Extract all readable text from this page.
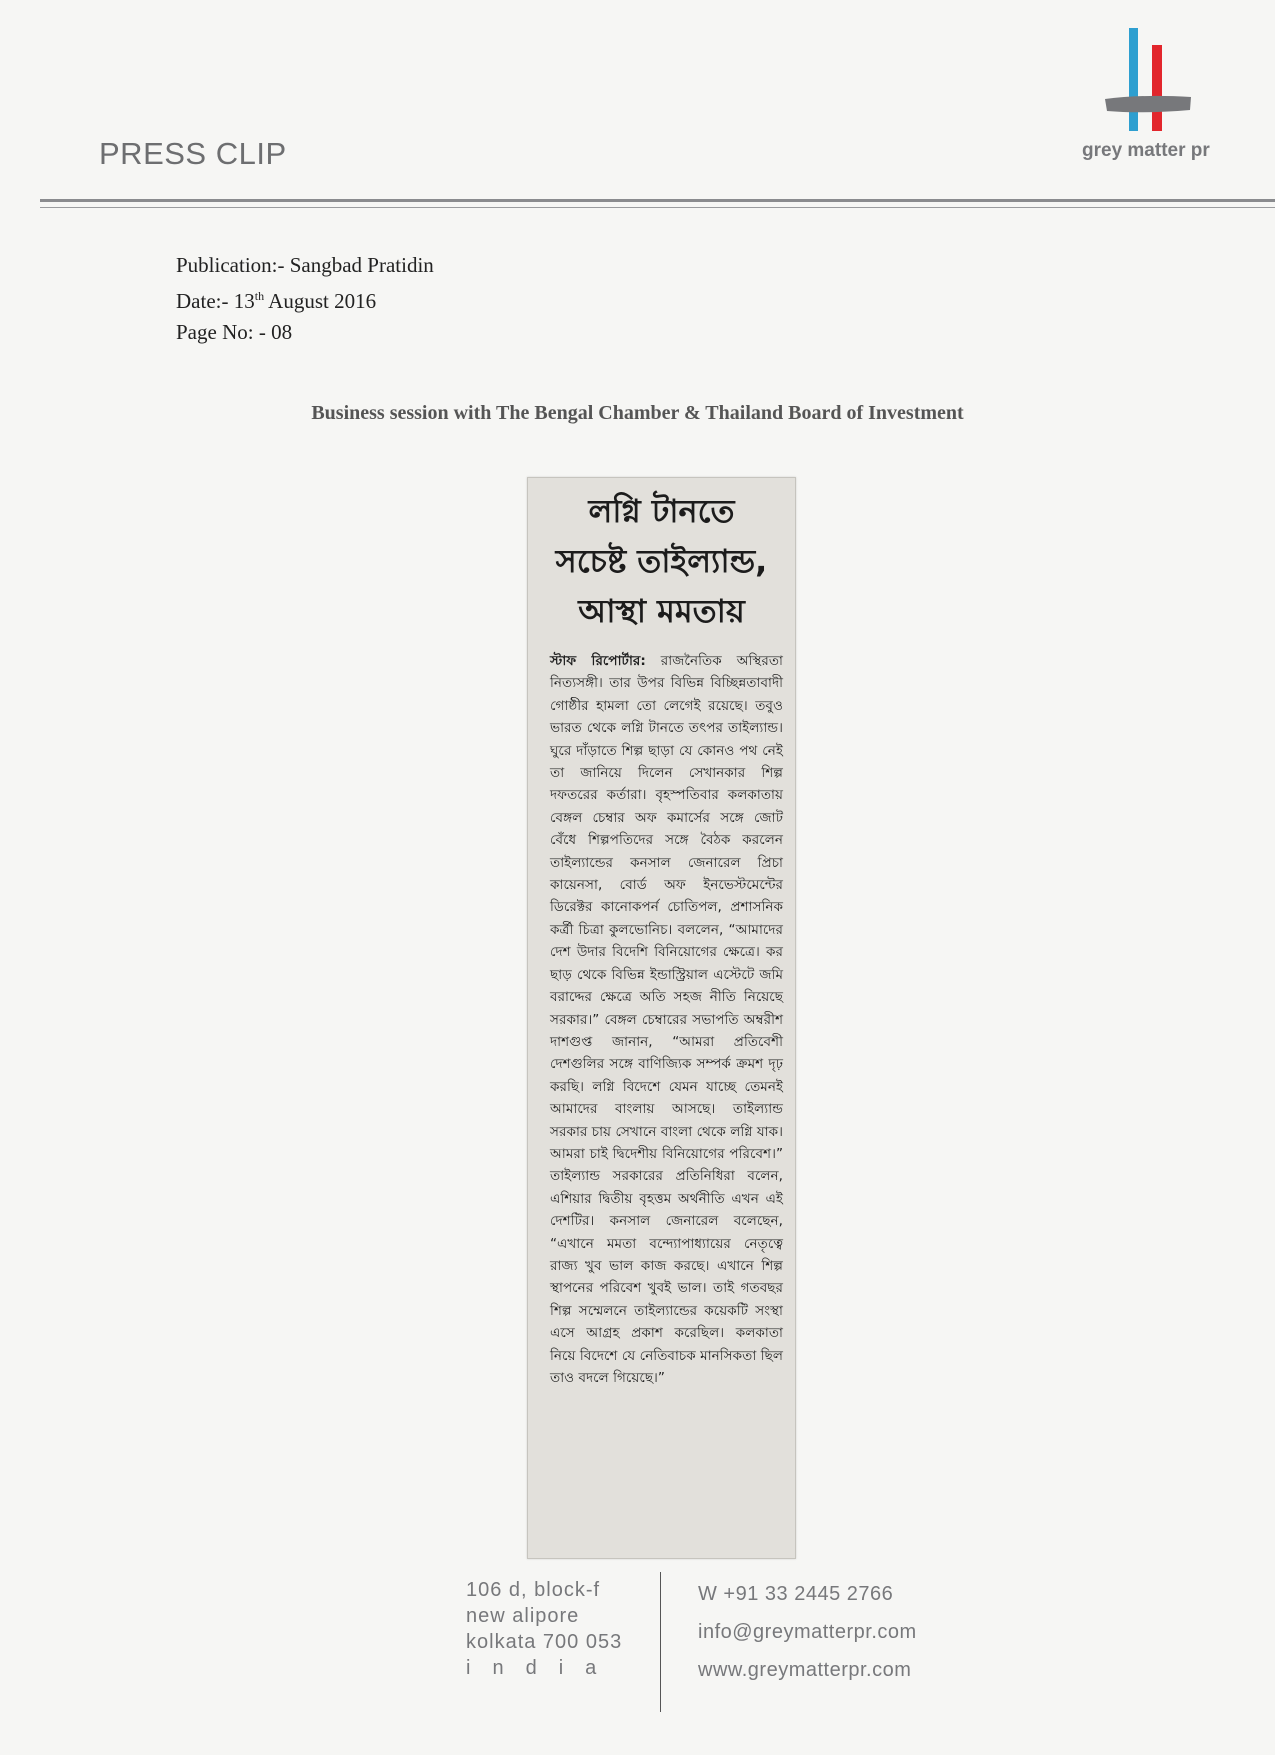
PRESS CLIP	grey matter pr
Publication:- Sangbad Pratidin
Date:- 13th August 2016
Page No: - 08
Business session with The Bengal Chamber & Thailand Board of Investment
লগ্নি টানতে
সচেষ্ট তাইল্যান্ড,
আস্থা মমতায়
স্টাফ রিপোর্টার: রাজনৈতিক অস্থিরতা নিত্যসঙ্গী। তার উপর বিভিন্ন বিচ্ছিন্নতাবাদী গোষ্ঠীর হামলা তো লেগেই রয়েছে। তবুও ভারত থেকে লগ্নি টানতে তৎপর তাইল্যান্ড। ঘুরে দাঁড়াতে শিল্প ছাড়া যে কোনও পথ নেই তা জানিয়ে দিলেন সেখানকার শিল্প দফতরের কর্তারা। বৃহস্পতিবার কলকাতায় বেঙ্গল চেম্বার অফ কমার্সের সঙ্গে জোট বেঁধে শিল্পপতিদের সঙ্গে বৈঠক করলেন তাইল্যান্ডের কনসাল জেনারেল প্রিচা কায়েনসা, বোর্ড অফ ইনভেস্টমেন্টের ডিরেক্টর কানোকপর্ন চোতিপল, প্রশাসনিক কর্ত্রী চিত্রা কুলভোনিচ। বললেন, “আমাদের দেশ উদার বিদেশি বিনিয়োগের ক্ষেত্রে। কর ছাড় থেকে বিভিন্ন ইন্ডাস্ট্রিয়াল এস্টেটে জমি বরাদ্দের ক্ষেত্রে অতি সহজ নীতি নিয়েছে সরকার।” বেঙ্গল চেম্বারের সভাপতি অম্বরীশ দাশগুপ্ত জানান, “আমরা প্রতিবেশী দেশগুলির সঙ্গে বাণিজ্যিক সম্পর্ক ক্রমশ দৃঢ় করছি। লগ্নি বিদেশে যেমন যাচ্ছে তেমনই আমাদের বাংলায় আসছে। তাইল্যান্ড সরকার চায় সেখানে বাংলা থেকে লগ্নি যাক। আমরা চাই দ্বিদেশীয় বিনিয়োগের পরিবেশ।” তাইল্যান্ড সরকারের প্রতিনিধিরা বলেন, এশিয়ার দ্বিতীয় বৃহত্তম অর্থনীতি এখন এই দেশটির। কনসাল জেনারেল বলেছেন, “এখানে মমতা বন্দ্যোপাধ্যায়ের নেতৃত্বে রাজ্য খুব ভাল কাজ করছে। এখানে শিল্প স্থাপনের পরিবেশ খুবই ভাল। তাই গতবছর শিল্প সম্মেলনে তাইল্যান্ডের কয়েকটি সংস্থা এসে আগ্রহ প্রকাশ করেছিল। কলকাতা নিয়ে বিদেশে যে নেতিবাচক মানসিকতা ছিল তাও বদলে গিয়েছে।”
106 d, block-f
new alipore
kolkata 700 053
india
W +91 33 2445 2766
info@greymatterpr.com
www.greymatterpr.com
